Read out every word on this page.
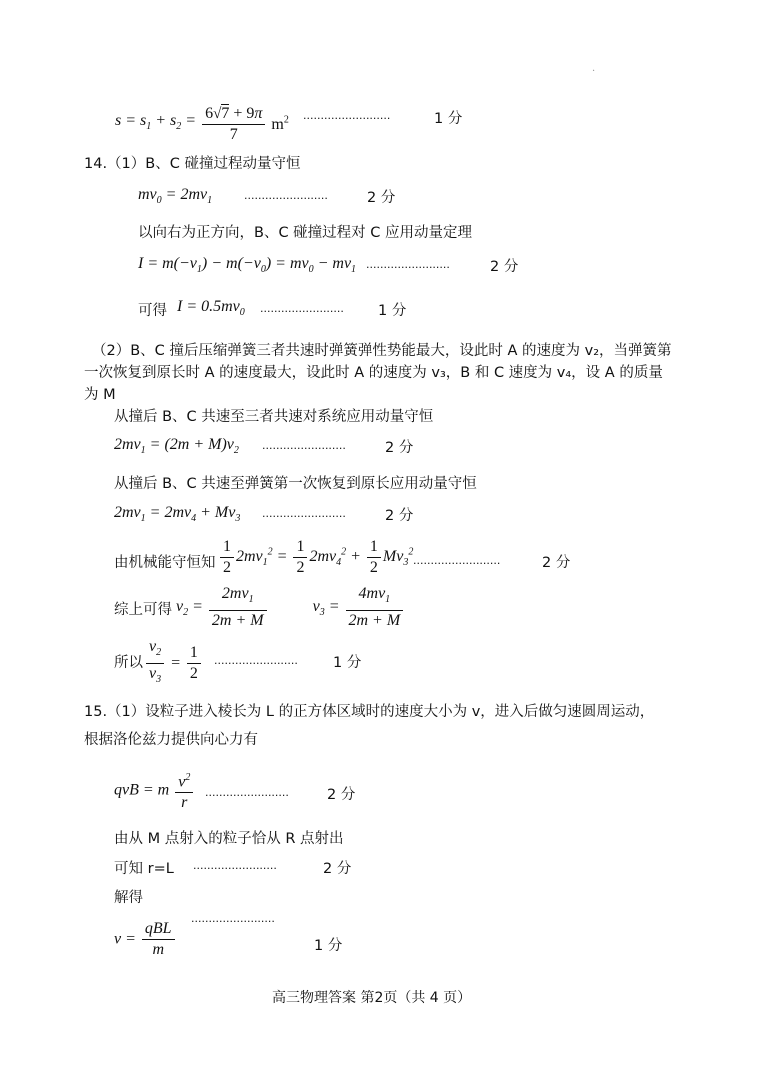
·
$s = s_1 + s_2 = \frac{6√7 + 9\pi}{7} m^2$ ·························	1 分
14.（1）B、C 碰撞过程动量守恒
$mv_0 = 2mv_1$	························	2 分
以向右为正方向，B、C 碰撞过程对 C 应用动量定理
$I = m(-v_1) - m(-v_0) = mv_0 - mv_1$ ························	2 分
可得 $I = 0.5mv_0$ ························ 1 分
（2）B、C 撞后压缩弹簧三者共速时弹簧弹性势能最大，设此时 A 的速度为 v₂，当弹簧第
一次恢复到原长时 A 的速度最大，设此时 A 的速度为 v₃，B 和 C 速度为 v₄，设 A 的质量
为 M
从撞后 B、C 共速至三者共速对系统应用动量守恒
$2mv_1 = (2m + M)v_2$ ························	2 分
从撞后 B、C 共速至弹簧第一次恢复到原长应用动量守恒
$2mv_1 = 2mv_4 + Mv_3$ ························	2 分
由机械能守恒知 $\frac{1}{2} 2mv_1^2 = \frac{1}{2} 2mv_4^2 + \frac{1}{2} Mv_3^2$
·························	2 分
综上可得 $v_2 = \frac{2mv_1}{2m + M}$	$v_3 = \frac{4mv_1}{2m + M}$
所以 $\frac{v_2}{v_3} = \frac{1}{2}$ ························ 1 分
15.（1）设粒子进入棱长为 L 的正方体区域时的速度大小为 v，进入后做匀速圆周运动，
根据洛伦兹力提供向心力有
qvB = m $\frac{v^2}{r}$ ························	2 分
由从 M 点射入的粒子恰从 R 点射出
可知 r=L ························	2 分
解得
························
$v = \frac{\text{qBL}}{m}$	1 分
高三物理答案 第2页（共 4 页）
